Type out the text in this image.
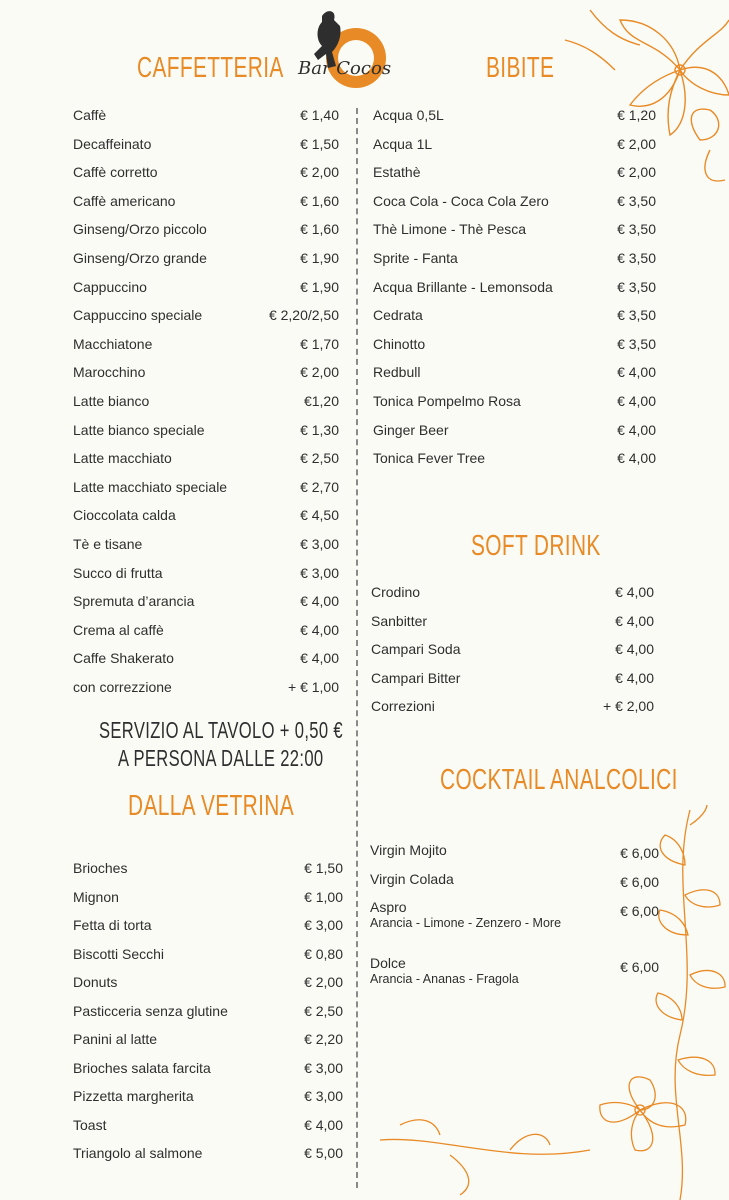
Bar Cocos
CAFFETTERIA	BIBITE
DALLA VETRINA
SOFT DRINK
COCKTAIL ANALCOLICI
SERVIZIO AL TAVOLO + 0,50 €
A PERSONA DALLE 22:00
Caffè	€ 1,40
Decaffeinato	€ 1,50
Caffè corretto	€ 2,00
Caffè americano	€ 1,60
Ginseng/Orzo piccolo	€ 1,60
Ginseng/Orzo grande	€ 1,90
Cappuccino	€ 1,90
Cappuccino speciale	€ 2,20/2,50
Macchiatone	€ 1,70
Marocchino	€ 2,00
Latte bianco	€1,20
Latte bianco speciale	€ 1,30
Latte macchiato	€ 2,50
Latte macchiato speciale	€ 2,70
Cioccolata calda	€ 4,50
Tè e tisane	€ 3,00
Succo di frutta	€ 3,00
Spremuta d’arancia	€ 4,00
Crema al caffè	€ 4,00
Caffe Shakerato	€ 4,00
con correzzione	+ € 1,00
Brioches	€ 1,50
Mignon	€ 1,00
Fetta di torta	€ 3,00
Biscotti Secchi	€ 0,80
Donuts	€ 2,00
Pasticceria senza glutine	€ 2,50
Panini al latte	€ 2,20
Brioches salata farcita	€ 3,00
Pizzetta margherita	€ 3,00
Toast	€ 4,00
Triangolo al salmone	€ 5,00
Acqua 0,5L	€ 1,20
Acqua 1L	€ 2,00
Estathè	€ 2,00
Coca Cola - Coca Cola Zero	€ 3,50
Thè Limone - Thè Pesca	€ 3,50
Sprite - Fanta	€ 3,50
Acqua Brillante - Lemonsoda	€ 3,50
Cedrata	€ 3,50
Chinotto	€ 3,50
Redbull	€ 4,00
Tonica Pompelmo Rosa	€ 4,00
Ginger Beer	€ 4,00
Tonica Fever Tree	€ 4,00
Crodino	€ 4,00
Sanbitter	€ 4,00
Campari Soda	€ 4,00
Campari Bitter	€ 4,00
Correzioni	+ € 2,00
Virgin Mojito	€ 6,00
Virgin Colada	€ 6,00
Aspro	€ 6,00
Arancia - Limone - Zenzero - More
Dolce	€ 6,00
Arancia - Ananas - Fragola
